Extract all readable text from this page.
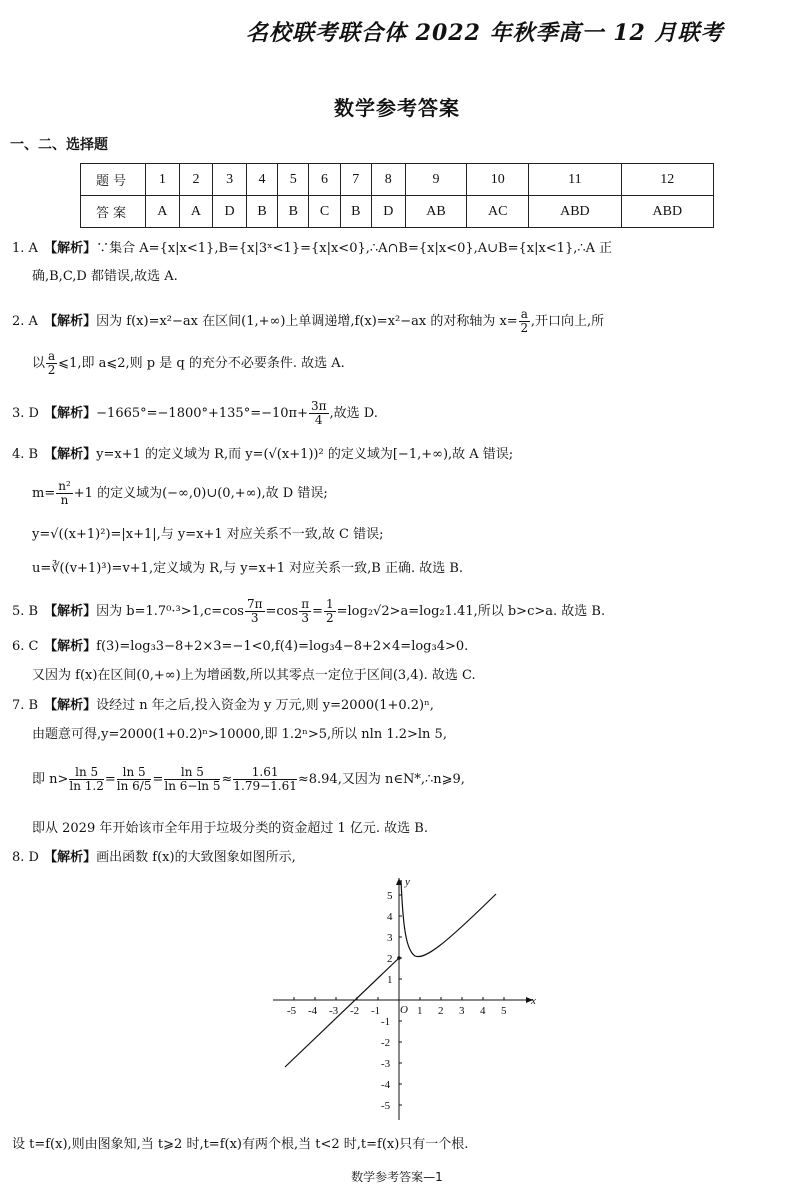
名校联考联合体 2022 年秋季高一 12 月联考
数学参考答案
一、二、选择题
题号	1	2	3	4	5	6	7	8	9	10	11	12
答案	A	A	D	B	B	C	B	D	AB	AC	ABD	ABD
1. A 【解析】∵集合 A={x|x<1},B={x|3ˣ<1}={x|x<0},∴A∩B={x|x<0},A∪B={x|x<1},∴A 正
确,B,C,D 都错误,故选 A.
2. A 【解析】因为 f(x)=x²−ax 在区间(1,+∞)上单调递增,f(x)=x²−ax 的对称轴为 $x= \frac{a}{2}$ ,开口向上,所
以 $\frac{a}{2}$ ⩽1,即 a⩽2,则 p 是 q 的充分不必要条件. 故选 A.
3. D 【解析】$-1665^\circ=-1800^\circ+135^\circ=-10\pi+ \frac{3\pi}{4}$ ,故选 D.
4. B 【解析】y=x+1 的定义域为 R,而 y=(√(x+1))² 的定义域为[−1,+∞),故 A 错误;
$m= \frac{\text{n²}}{n} +1$ 的定义域为(−∞,0)∪(0,+∞),故 D 错误;
y=√((x+1)²)=|x+1|,与 y=x+1 对应关系不一致,故 C 错误;
u=∛((v+1)³)=v+1,定义域为 R,与 y=x+1 对应关系一致,B 正确. 故选 B.
5. B 【解析】因为 $b=1.7^0\cdot^3>1,c=\cos \frac{7\pi}{3} =\cos \frac{\pi}{3} = \frac{1}{2} =\log_2√2>a=\log_21.41$,所以 b>c>a. 故选 B.
6. C 【解析】f(3)=log₃3−8+2×3=−1<0,f(4)=log₃4−8+2×4=log₃4>0.
又因为 f(x)在区间(0,+∞)上为增函数,所以其零点一定位于区间(3,4). 故选 C.
7. B 【解析】设经过 n 年之后,投入资金为 y 万元,则 y=2000(1+0.2)ⁿ,
由题意可得,y=2000(1+0.2)ⁿ>10000,即 1.2ⁿ>5,所以 nln 1.2>ln 5,
即 $n> \frac{\ln 5}{\ln 1.2} = \frac{\ln 5}{\ln 6/5} = \frac{\ln 5}{\ln 6-\ln 5} \approx \frac{1.61}{1.79-1.61} \approx 8.94$,又因为 n∈N*,∴n⩾9,
即从 2029 年开始该市全年用于垃圾分类的资金超过 1 亿元. 故选 B.
8. D 【解析】画出函数 f(x)的大致图象如图所示,
-5 -4 -3 -2 -1	1 2 3 4 5
5
4
3
2
1
-1
-2
-3
-4
-5
O
x
y
设 t=f(x),则由图象知,当 t⩾2 时,t=f(x)有两个根,当 t<2 时,t=f(x)只有一个根.
数学参考答案—1
